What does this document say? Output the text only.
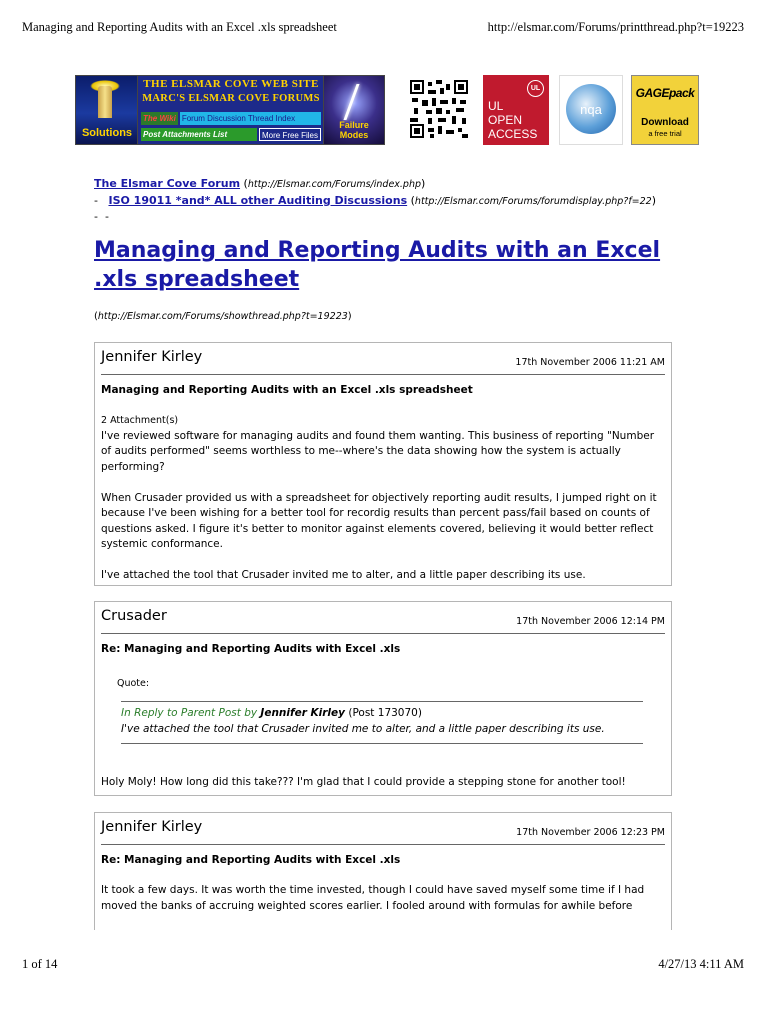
Managing and Reporting Audits with an Excel .xls spreadsheet	http://elsmar.com/Forums/printthread.php?t=19223
Solutions
THE ELSMAR COVE WEB SITE
MARC'S ELSMAR COVE FORUMS
The Wiki Forum Discussion Thread Index
Post Attachments List	More Free Files
Failure Modes
UL
UL
OPEN
ACCESS
nqa
GAGEpack
Download
a free trial
The Elsmar Cove Forum (http://Elsmar.com/Forums/index.php)
- ISO 19011 *and* ALL other Auditing Discussions (http://Elsmar.com/Forums/forumdisplay.php?f=22)
-  -
Managing and Reporting Audits with an Excel .xls spreadsheet
(http://Elsmar.com/Forums/showthread.php?t=19223)
Jennifer Kirley	17th November 2006 11:21 AM
Managing and Reporting Audits with an Excel .xls spreadsheet
2 Attachment(s)

I've reviewed software for managing audits and found them wanting. This business of reporting "Number of audits performed" seems worthless to me--where's the data showing how the system is actually performing?

When Crusader provided us with a spreadsheet for objectively reporting audit results, I jumped right on it because I've been wishing for a better tool for recordig results than percent pass/fail based on counts of questions asked. I figure it's better to monitor against elements covered, believing it would better reflect systemic conformance.

I've attached the tool that Crusader invited me to alter, and a little paper describing its use.

Crusader	17th November 2006 12:14 PM
Re: Managing and Reporting Audits with Excel .xls
Quote:
In Reply to Parent Post by Jennifer Kirley (Post 173070)
I've attached the tool that Crusader invited me to alter, and a little paper describing its use.
Holy Moly! How long did this take??? I'm glad that I could provide a stepping stone for another tool!
Jennifer Kirley	17th November 2006 12:23 PM
Re: Managing and Reporting Audits with Excel .xls
It took a few days. It was worth the time invested, though I could have saved myself some time if I had moved the banks of accruing weighted scores earlier. I fooled around with formulas for awhile before
1 of 14	4/27/13 4:11 AM
